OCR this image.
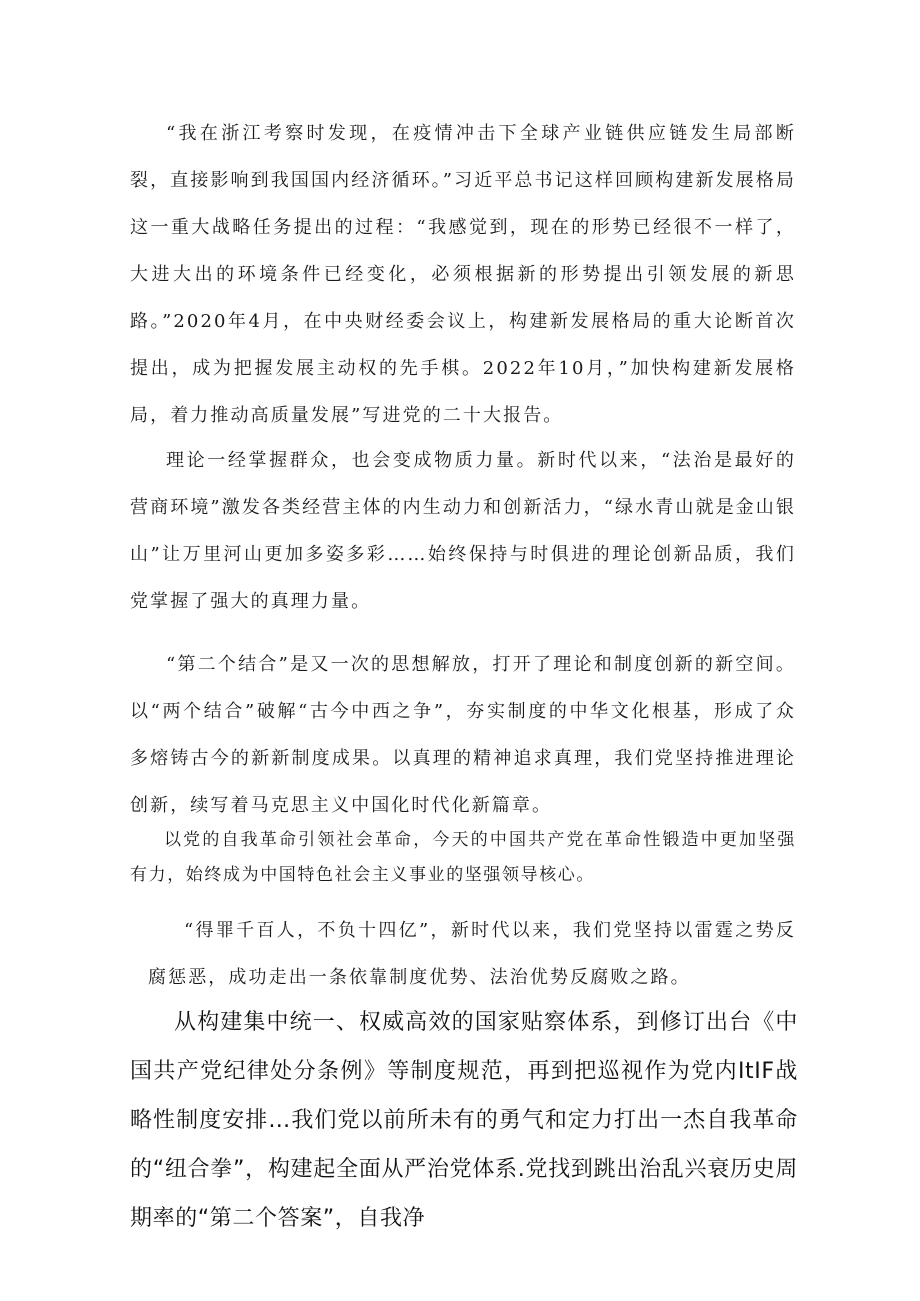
“我在浙江考察时发现，在疫情冲击下全球产业链供应链发生局部断裂，直接影响到我国国内经济循环。”习近平总书记这样回顾构建新发展格局这一重大战略任务提出的过程：“我感觉到，现在的形势已经很不一样了，大进大出的环境条件已经变化，必须根据新的形势提出引领发展的新思路。”2020年4月，在中央财经委会议上，构建新发展格局的重大论断首次提出，成为把握发展主动权的先手棋。2022年10月，”加快构建新发展格局，着力推动高质量发展”写进党的二十大报告。

理论一经掌握群众，也会变成物质力量。新时代以来，“法治是最好的营商环境”激发各类经营主体的内生动力和创新活力，“绿水青山就是金山银山”让万里河山更加多姿多彩……始终保持与时俱进的理论创新品质，我们党掌握了强大的真理力量。

“第二个结合”是又一次的思想解放，打开了理论和制度创新的新空间。以“两个结合”破解“古今中西之争”，夯实制度的中华文化根基，形成了众多熔铸古今的新新制度成果。以真理的精神追求真理，我们党坚持推进理论创新，续写着马克思主义中国化时代化新篇章。

以党的自我革命引领社会革命，今天的中国共产党在革命性锻造中更加坚强有力，始终成为中国特色社会主义事业的坚强领导核心。

“得罪千百人，不负十四亿”，新时代以来，我们党坚持以雷霆之势反腐惩恶，成功走出一条依靠制度优势、法治优势反腐败之路。

从构建集中统一、权威高效的国家贴察体系，到修订出台《中国共产党纪律处分条例》等制度规范，再到把巡视作为党内ItIF战略性制度安排…我们党以前所未有的勇气和定力打出一杰自我革命的“纽合拳”，构建起全面从严治党体系.党找到跳出治乱兴衰历史周期率的“第二个答案”，自我净
